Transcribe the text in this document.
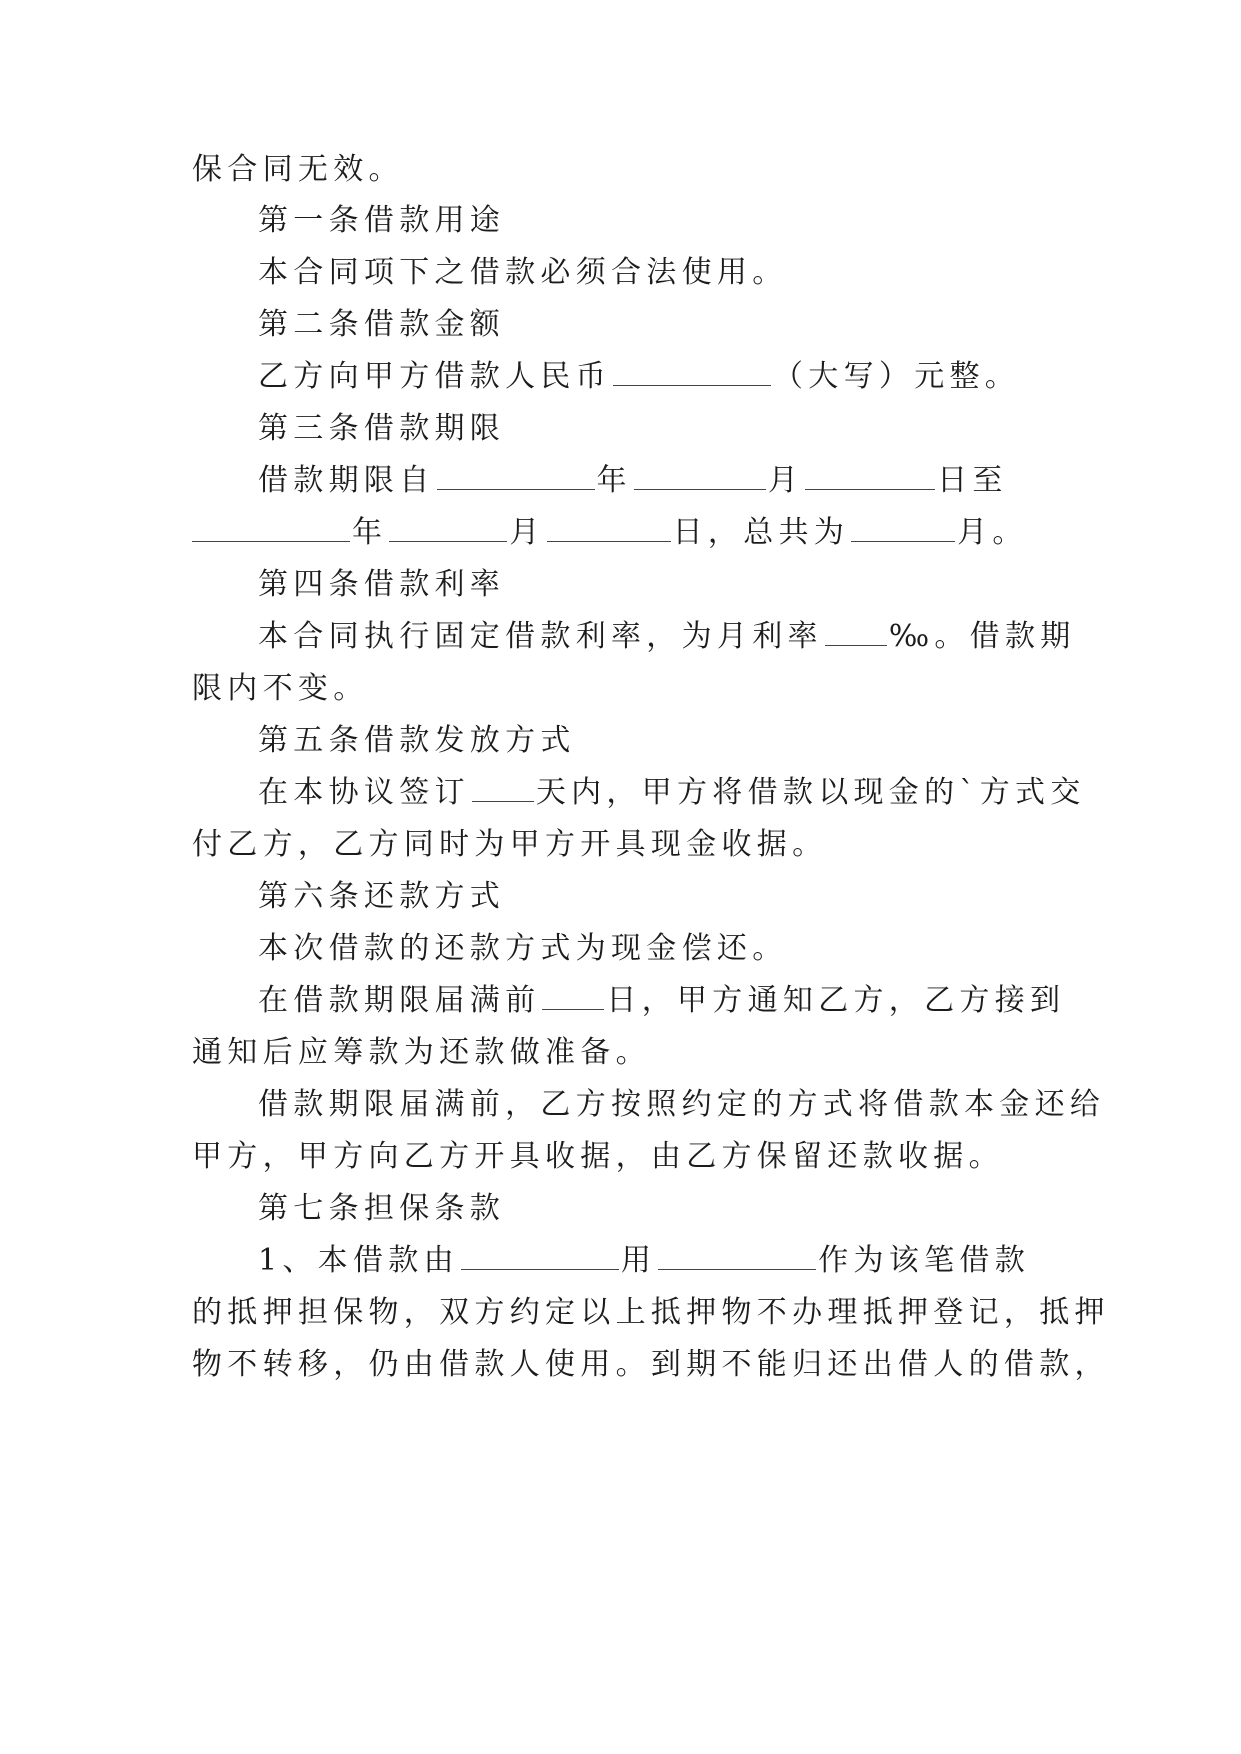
保合同无效。
第一条借款用途
本合同项下之借款必须合法使用。
第二条借款金额
乙方向甲方借款人民币	（大写）元整。
第三条借款期限
借款期限自	年	月	日至
年	月	日，总共为	月。
第四条借款利率
本合同执行固定借款利率，为月利率 ‰。借款期
限内不变。
第五条借款发放方式
在本协议签订 天内，甲方将借款以现金的`方式交
付乙方，乙方同时为甲方开具现金收据。
第六条还款方式
本次借款的还款方式为现金偿还。
在借款期限届满前 日，甲方通知乙方，乙方接到
通知后应筹款为还款做准备。
借款期限届满前，乙方按照约定的方式将借款本金还给
甲方，甲方向乙方开具收据，由乙方保留还款收据。
第七条担保条款
1、本借款由	用	作为该笔借款
的抵押担保物，双方约定以上抵押物不办理抵押登记，抵押
物不转移，仍由借款人使用。到期不能归还出借人的借款，
